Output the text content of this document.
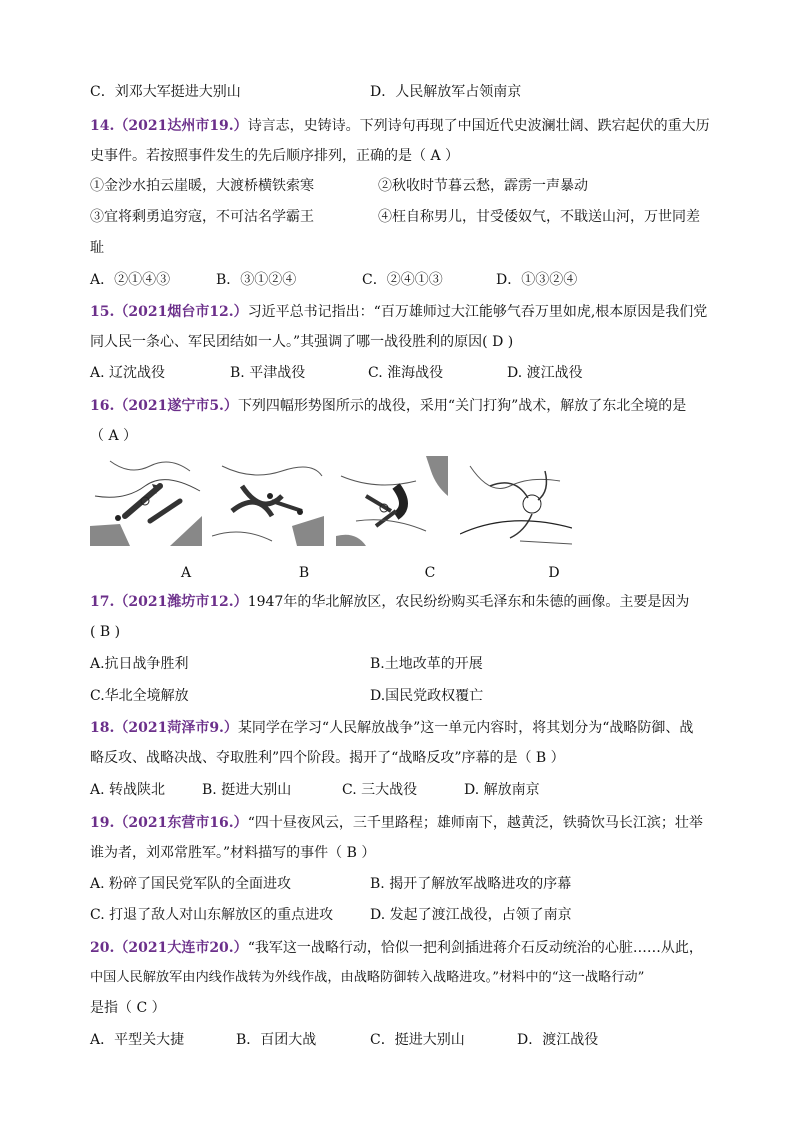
C．刘邓大军挺进大别山	D．人民解放军占领南京
14.（2021达州市19.）诗言志，史铸诗。下列诗句再现了中国近代史波澜壮阔、跌宕起伏的重大历
史事件。若按照事件发生的先后顺序排列，正确的是（ A ）
①金沙水拍云崖暖，大渡桥横铁索寒	②秋收时节暮云愁，霹雳一声暴动
③宜将剩勇追穷寇，不可沽名学霸王	④枉自称男儿，甘受倭奴气，不戢送山河，万世同差
耻
A．②①④③	B．③①②④	C．②④①③	D．①③②④
15.（2021烟台市12.）习近平总书记指出：“百万雄师过大江能够气吞万里如虎,根本原因是我们党
同人民一条心、军民团结如一人。”其强调了哪一战役胜利的原因( D )
A. 辽沈战役	B. 平津战役	C. 淮海战役	D. 渡江战役
16.（2021遂宁市5.）下列四幅形势图所示的战役，采用“关门打狗”战术，解放了东北全境的是
（ A ）
A	B	C	D
17.（2021潍坊市12.）1947年的华北解放区，农民纷纷购买毛泽东和朱德的画像。主要是因为
( B )
A.抗日战争胜利	B.土地改革的开展
C.华北全境解放	D.国民党政权覆亡
18.（2021菏泽市9.）某同学在学习“人民解放战争”这一单元内容时，将其划分为“战略防御、战
略反攻、战略决战、夺取胜利”四个阶段。揭开了“战略反攻”序幕的是（ B ）
A. 转战陕北	B. 挺进大别山	C. 三大战役	D. 解放南京
19.（2021东营市16.）“四十昼夜风云，三千里路程；雄师南下，越黄泛，铁骑饮马长江滨；壮举
谁为者，刘邓常胜军。”材料描写的事件（ B ）
A. 粉碎了国民党军队的全面进攻	B. 揭开了解放军战略进攻的序幕
C. 打退了敌人对山东解放区的重点进攻	D. 发起了渡江战役，占领了南京
20.（2021大连市20.）“我军这一战略行动，恰似一把利剑插进蒋介石反动统治的心脏……从此，
中国人民解放军由内线作战转为外线作战，由战略防御转入战略进攻。”材料中的“这一战略行动”
是指（ C ）
A．平型关大捷	B．百团大战	C．挺进大别山	D．渡江战役
